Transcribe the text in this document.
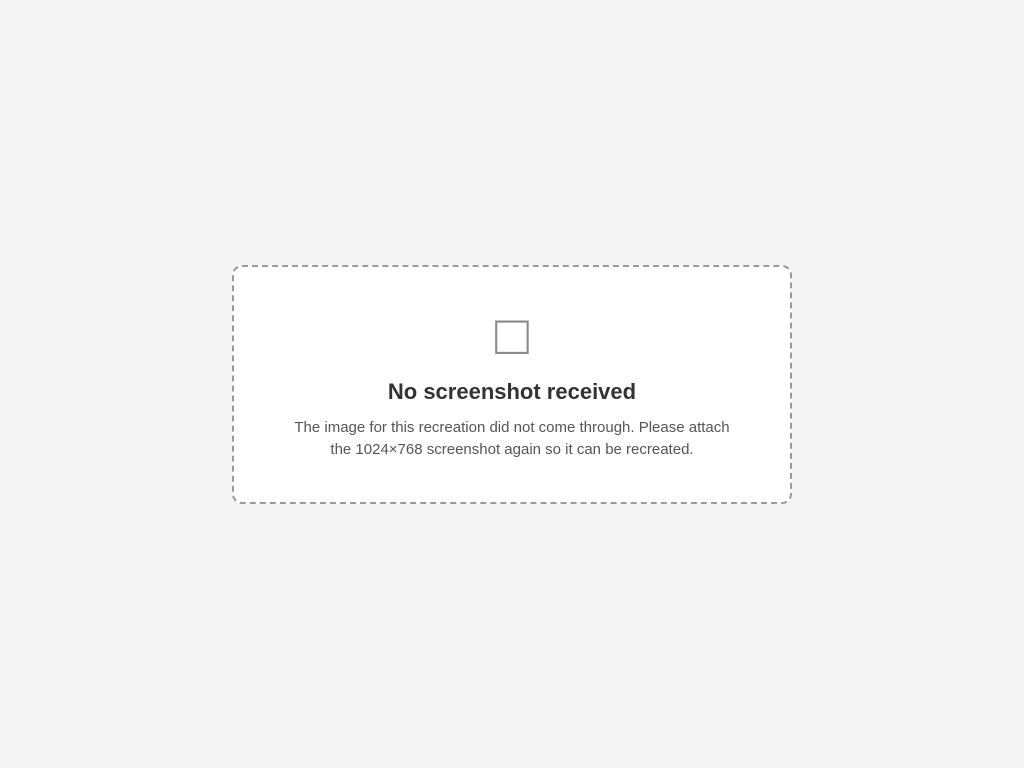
□

No screenshot received

The image for this recreation did not come through. Please attach the 1024×768 screenshot again so it can be recreated.
